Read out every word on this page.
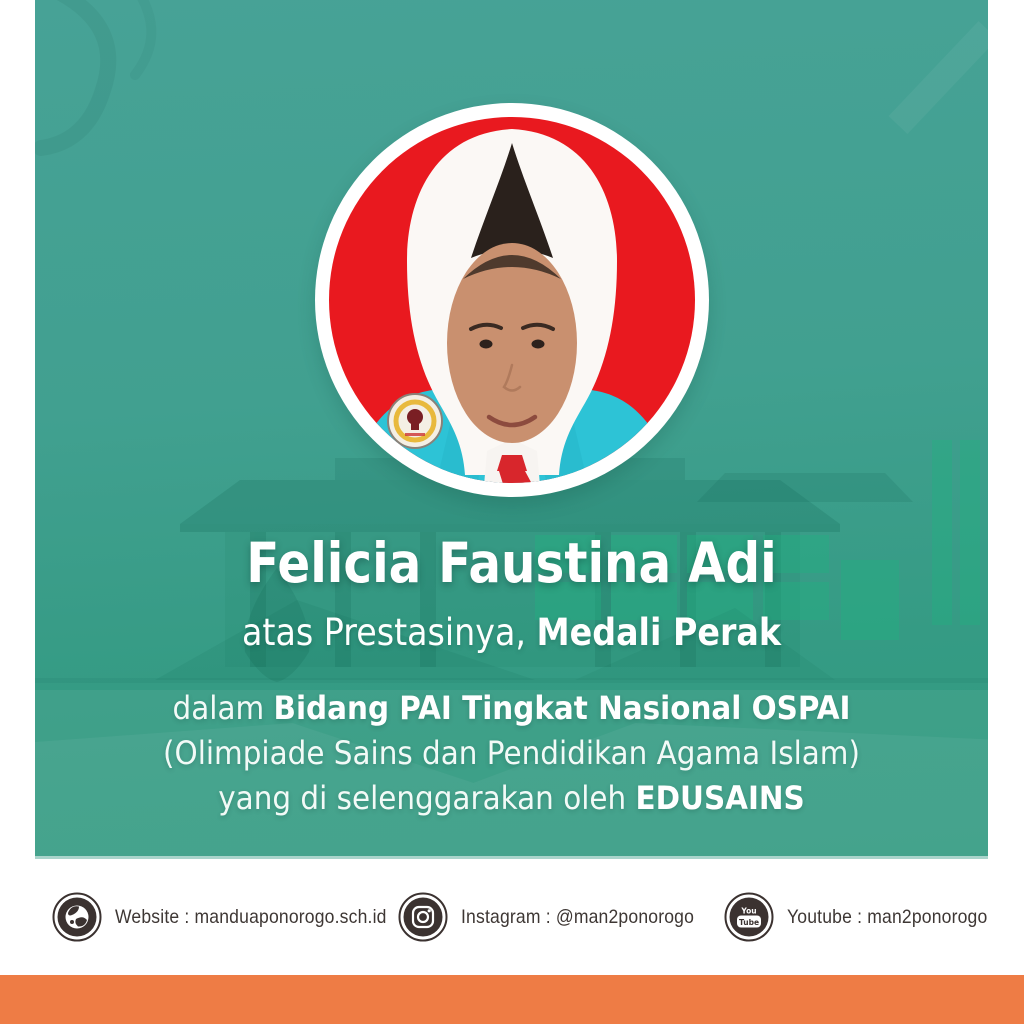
Felicia Faustina Adi
atas Prestasinya, Medali Perak
dalam Bidang PAI Tingkat Nasional OSPAI
(Olimpiade Sains dan Pendidikan Agama Islam)
yang di selenggarakan oleh EDUSAINS
Website : manduaponorogo.sch.id	Instagram : @man2ponorogo	You
Tube Youtube : man2ponorogo
